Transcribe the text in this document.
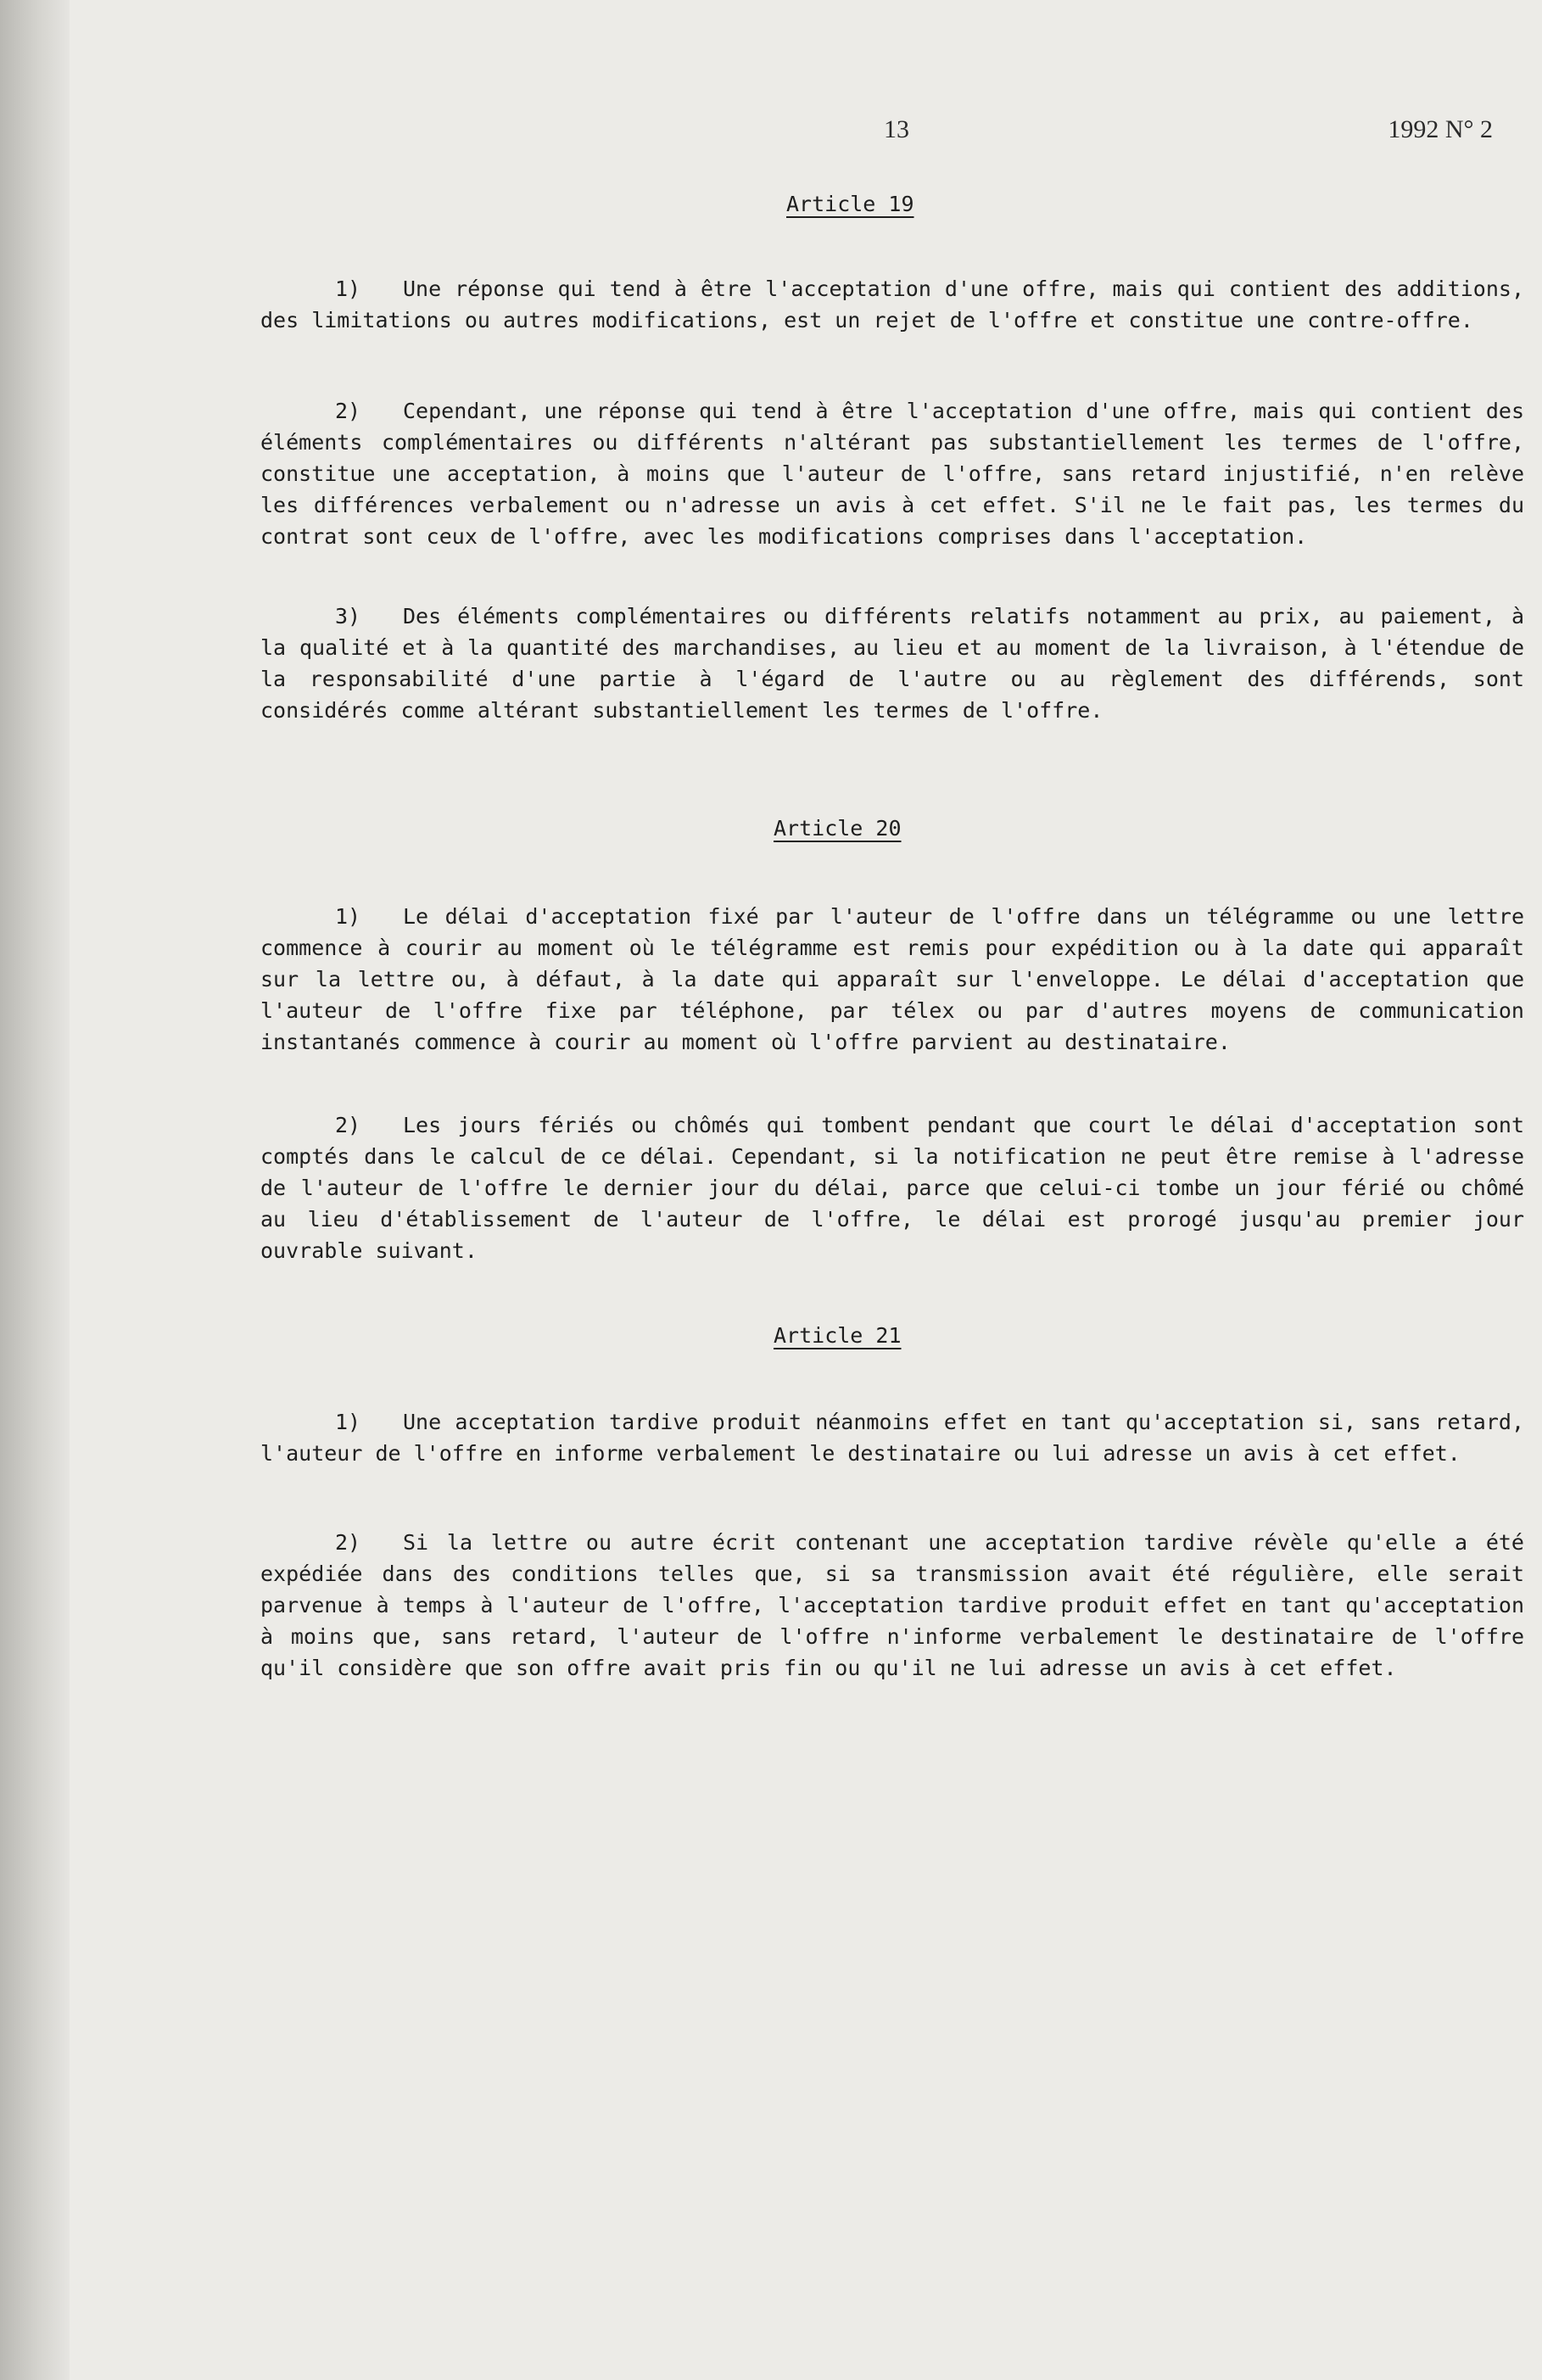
13	1992 N° 2
Article 19

1) Une réponse qui tend à être l'acceptation d'une offre, mais qui contient des additions, des limitations ou autres modifications, est un rejet de l'offre et constitue une contre-offre.

2) Cependant, une réponse qui tend à être l'acceptation d'une offre, mais qui contient des éléments complémentaires ou différents n'altérant pas substantiellement les termes de l'offre, constitue une acceptation, à moins que l'auteur de l'offre, sans retard injustifié, n'en relève les différences verbalement ou n'adresse un avis à cet effet. S'il ne le fait pas, les termes du contrat sont ceux de l'offre, avec les modifications comprises dans l'acceptation.

3) Des éléments complémentaires ou différents relatifs notamment au prix, au paiement, à la qualité et à la quantité des marchandises, au lieu et au moment de la livraison, à l'étendue de la responsabilité d'une partie à l'égard de l'autre ou au règlement des différends, sont considérés comme altérant substantiellement les termes de l'offre.

Article 20

1) Le délai d'acceptation fixé par l'auteur de l'offre dans un télégramme ou une lettre commence à courir au moment où le télégramme est remis pour expédition ou à la date qui apparaît sur la lettre ou, à défaut, à la date qui apparaît sur l'enveloppe. Le délai d'acceptation que l'auteur de l'offre fixe par téléphone, par télex ou par d'autres moyens de communication instantanés commence à courir au moment où l'offre parvient au destinataire.

2) Les jours fériés ou chômés qui tombent pendant que court le délai d'acceptation sont comptés dans le calcul de ce délai. Cependant, si la notification ne peut être remise à l'adresse de l'auteur de l'offre le dernier jour du délai, parce que celui-ci tombe un jour férié ou chômé au lieu d'établissement de l'auteur de l'offre, le délai est prorogé jusqu'au premier jour ouvrable suivant.

Article 21

1) Une acceptation tardive produit néanmoins effet en tant qu'acceptation si, sans retard, l'auteur de l'offre en informe verbalement le destinataire ou lui adresse un avis à cet effet.

2) Si la lettre ou autre écrit contenant une acceptation tardive révèle qu'elle a été expédiée dans des conditions telles que, si sa transmission avait été régulière, elle serait parvenue à temps à l'auteur de l'offre, l'acceptation tardive produit effet en tant qu'acceptation à moins que, sans retard, l'auteur de l'offre n'informe verbalement le destinataire de l'offre qu'il considère que son offre avait pris fin ou qu'il ne lui adresse un avis à cet effet.
